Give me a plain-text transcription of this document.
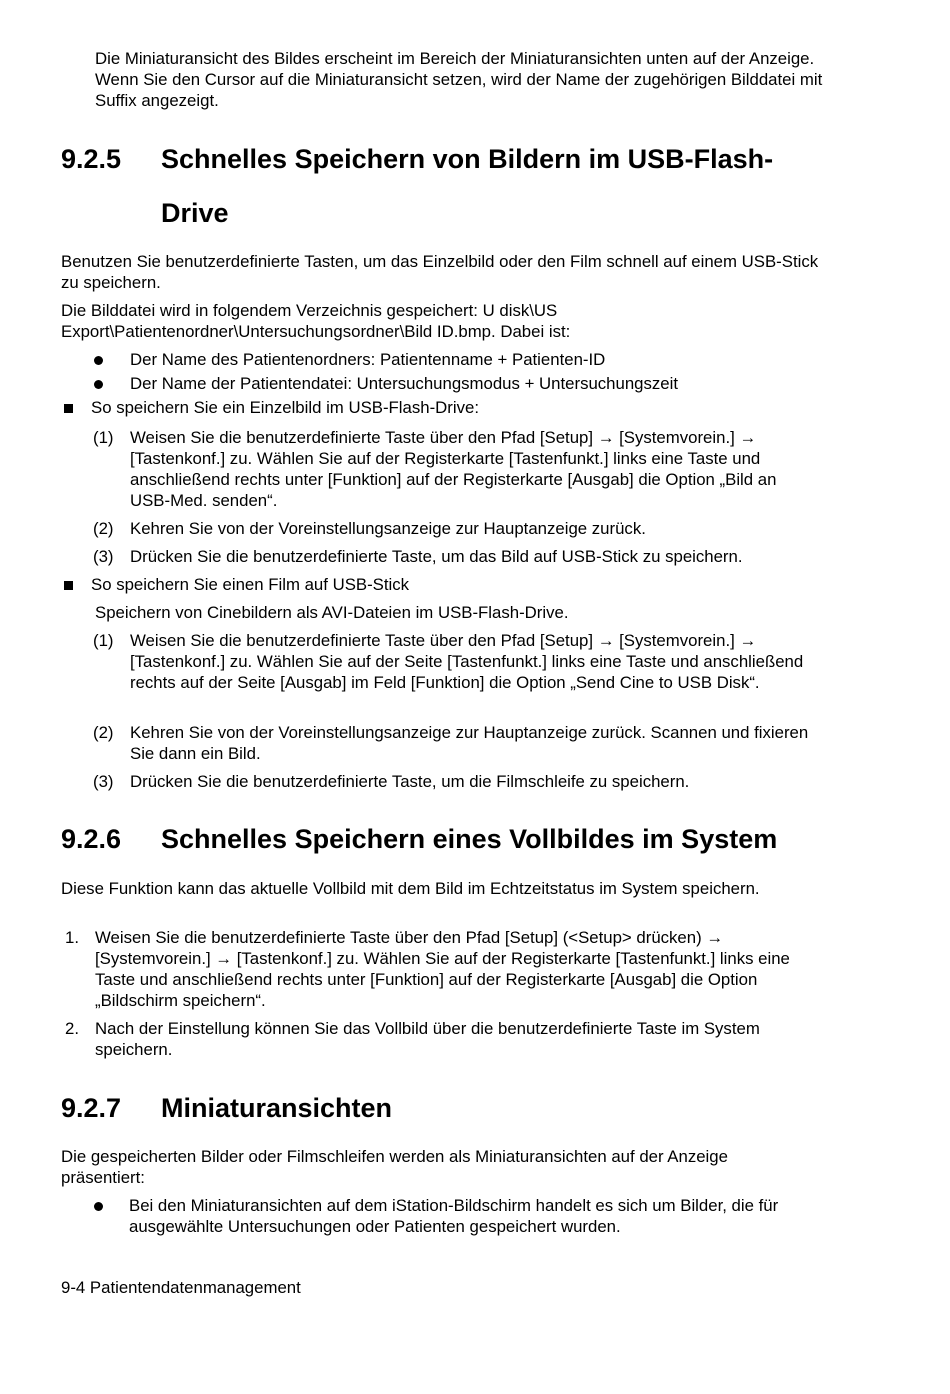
Die Miniaturansicht des Bildes erscheint im Bereich der Miniaturansichten unten auf der Anzeige. Wenn Sie den Cursor auf die Miniaturansicht setzen, wird der Name der zugehörigen Bilddatei mit Suffix angezeigt.

9.2.5 Schnelles Speichern von Bildern im USB-Flash-
Drive

Benutzen Sie benutzerdefinierte Tasten, um das Einzelbild oder den Film schnell auf einem USB-Stick zu speichern.

Die Bilddatei wird in folgendem Verzeichnis gespeichert: U disk\US Export\Patientenordner\Untersuchungsordner\Bild ID.bmp. Dabei ist:

Der Name des Patientenordners: Patientenname + Patienten-ID

Der Name der Patientendatei: Untersuchungsmodus + Untersuchungszeit

So speichern Sie ein Einzelbild im USB-Flash-Drive:

(1) Weisen Sie die benutzerdefinierte Taste über den Pfad [Setup] → [Systemvorein.] → [Tastenkonf.] zu. Wählen Sie auf der Registerkarte [Tastenfunkt.] links eine Taste und anschließend rechts unter [Funktion] auf der Registerkarte [Ausgab] die Option „Bild an USB-Med. senden“.

(2) Kehren Sie von der Voreinstellungsanzeige zur Hauptanzeige zurück.

(3) Drücken Sie die benutzerdefinierte Taste, um das Bild auf USB-Stick zu speichern.

So speichern Sie einen Film auf USB-Stick

Speichern von Cinebildern als AVI-Dateien im USB-Flash-Drive.

(1) Weisen Sie die benutzerdefinierte Taste über den Pfad [Setup] → [Systemvorein.] → [Tastenkonf.] zu. Wählen Sie auf der Seite [Tastenfunkt.] links eine Taste und anschließend rechts auf der Seite [Ausgab] im Feld [Funktion] die Option „Send Cine to USB Disk“.

(2) Kehren Sie von der Voreinstellungsanzeige zur Hauptanzeige zurück. Scannen und fixieren Sie dann ein Bild.

(3) Drücken Sie die benutzerdefinierte Taste, um die Filmschleife zu speichern.

9.2.6 Schnelles Speichern eines Vollbildes im System

Diese Funktion kann das aktuelle Vollbild mit dem Bild im Echtzeitstatus im System speichern.

1. Weisen Sie die benutzerdefinierte Taste über den Pfad [Setup] (<Setup> drücken) → [Systemvorein.] → [Tastenkonf.] zu. Wählen Sie auf der Registerkarte [Tastenfunkt.] links eine Taste und anschließend rechts unter [Funktion] auf der Registerkarte [Ausgab] die Option „Bildschirm speichern“.

2. Nach der Einstellung können Sie das Vollbild über die benutzerdefinierte Taste im System speichern.

9.2.7 Miniaturansichten

Die gespeicherten Bilder oder Filmschleifen werden als Miniaturansichten auf der Anzeige präsentiert:

Bei den Miniaturansichten auf dem iStation-Bildschirm handelt es sich um Bilder, die für ausgewählte Untersuchungen oder Patienten gespeichert wurden.

9-4 Patientendatenmanagement
